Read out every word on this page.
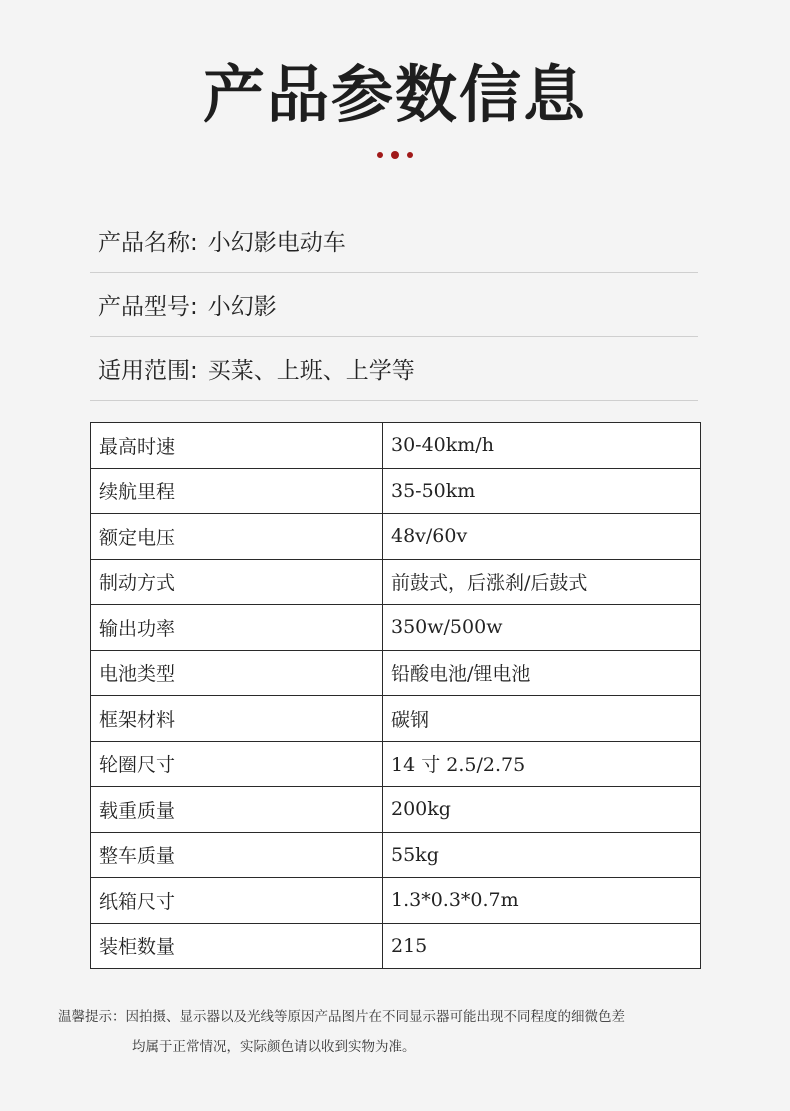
产品参数信息
产品名称: 小幻影电动车
产品型号: 小幻影
适用范围: 买菜、上班、上学等
最高时速	30-40km/h
续航里程	35-50km
额定电压	48v/60v
制动方式	前鼓式，后涨刹/后鼓式
输出功率	350w/500w
电池类型	铅酸电池/锂电池
框架材料	碳钢
轮圈尺寸	14 寸 2.5/2.75
载重质量	200kg
整车质量	55kg
纸箱尺寸	1.3*0.3*0.7m
装柜数量	215
温馨提示：因拍摄、显示器以及光线等原因产品图片在不同显示器可能出现不同程度的细微色差
均属于正常情况，实际颜色请以收到实物为准。
